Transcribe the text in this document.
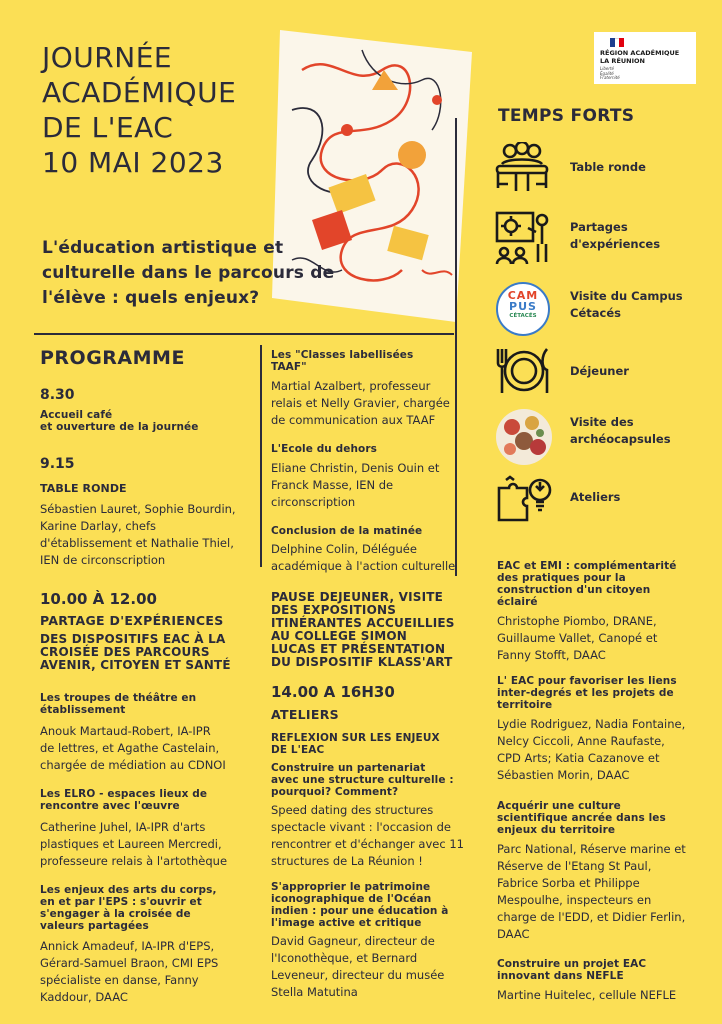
JOURNÉE
ACADÉMIQUE
DE L'EAC
10 MAI 2023
RÉGION ACADÉMIQUE
LA RÉUNION
Liberté
Égalité
Fraternité
L'éducation artistique et
culturelle dans le parcours de
l'élève : quels enjeux?
TEMPS FORTS
Table ronde
Partages
d'expériences
CAM
PUS
CÉTACÉS
Visite du Campus
Cétacés
Déjeuner
Visite des
archéocapsules
Ateliers
PROGRAMME
8.30
Accueil café
et ouverture de la journée
9.15
TABLE RONDE
Sébastien Lauret, Sophie Bourdin,
Karine Darlay, chefs
d'établissement et Nathalie Thiel,
IEN de circonscription
10.00 À 12.00
PARTAGE D'EXPÉRIENCES
DES DISPOSITIFS EAC À LA
CROISÉE DES PARCOURS
AVENIR, CITOYEN ET SANTÉ
Les troupes de théâtre en
établissement
Anouk Martaud-Robert, IA-IPR
de lettres, et Agathe Castelain,
chargée de médiation au CDNOI
Les ELRO - espaces lieux de
rencontre avec l'œuvre
Catherine Juhel, IA-IPR d'arts
plastiques et Laureen Mercredi,
professeure relais à l'artothèque
Les enjeux des arts du corps,
en et par l'EPS : s'ouvrir et
s'engager à la croisée de
valeurs partagées
Annick Amadeuf, IA-IPR d'EPS,
Gérard-Samuel Braon, CMI EPS
spécialiste en danse, Fanny
Kaddour, DAAC
Les "Classes labellisées
TAAF"
Martial Azalbert, professeur
relais et Nelly Gravier, chargée
de communication aux TAAF
L'Ecole du dehors
Eliane Christin, Denis Ouin et
Franck Masse, IEN de
circonscription
Conclusion de la matinée
Delphine Colin, Déléguée
académique à l'action culturelle
PAUSE DEJEUNER, VISITE
DES EXPOSITIONS
ITINÉRANTES ACCUEILLIES
AU COLLEGE SIMON
LUCAS ET PRÉSENTATION
DU DISPOSITIF KLASS'ART
14.00 A 16H30
ATELIERS
REFLEXION SUR LES ENJEUX
DE L'EAC
Construire un partenariat
avec une structure culturelle :
pourquoi? Comment?
Speed dating des structures
spectacle vivant : l'occasion de
rencontrer et d'échanger avec 11
structures de La Réunion !
S'approprier le patrimoine
iconographique de l'Océan
indien : pour une éducation à
l'image active et critique
David Gagneur, directeur de
l'Iconothèque, et Bernard
Leveneur, directeur du musée
Stella Matutina
EAC et EMI : complémentarité
des pratiques pour la
construction d'un citoyen
éclairé
Christophe Piombo, DRANE,
Guillaume Vallet, Canopé et
Fanny Stofft, DAAC
L' EAC pour favoriser les liens
inter-degrés et les projets de
territoire
Lydie Rodriguez, Nadia Fontaine,
Nelcy Ciccoli, Anne Raufaste,
CPD Arts; Katia Cazanove et
Sébastien Morin, DAAC
Acquérir une culture
scientifique ancrée dans les
enjeux du territoire
Parc National, Réserve marine et
Réserve de l'Etang St Paul,
Fabrice Sorba et Philippe
Mespoulhe, inspecteurs en
charge de l'EDD, et Didier Ferlin,
DAAC
Construire un projet EAC
innovant dans NEFLE
Martine Huitelec, cellule NEFLE
